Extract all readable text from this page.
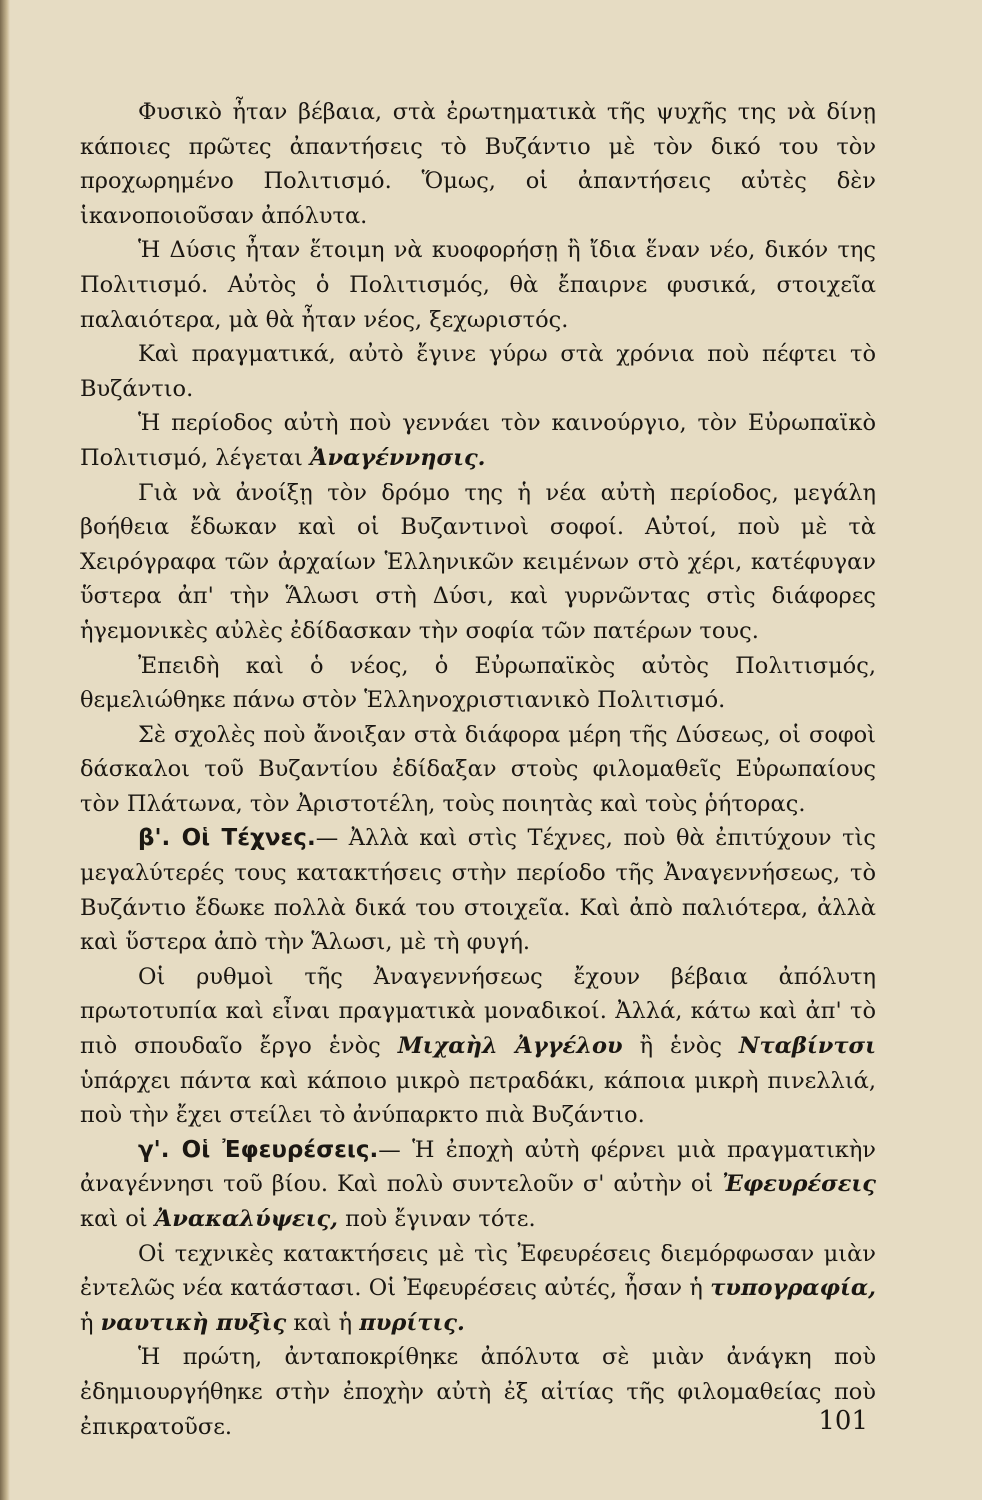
Φυσικὸ ἦταν βέβαια, στὰ ἐρωτηματικὰ τῆς ψυχῆς της νὰ δίνῃ κάποιες πρῶτες ἀπαντήσεις τὸ Βυζάντιο μὲ τὸν δικό του τὸν προχωρημένο Πολιτισμό. Ὅμως, οἱ ἀπαντήσεις αὐτὲς δὲν ἱκανοποιοῦσαν ἀπόλυτα.

Ἡ Δύσις ἦταν ἕτοιμη νὰ κυοφορήσῃ ἢ ἴδια ἕναν νέο, δικόν της Πολιτισμό. Αὐτὸς ὁ Πολιτισμός, θὰ ἔπαιρνε φυσικά, στοιχεῖα παλαιότερα, μὰ θὰ ἦταν νέος, ξεχωριστός.

Καὶ πραγματικά, αὐτὸ ἔγινε γύρω στὰ χρόνια ποὺ πέφτει τὸ Βυζάντιο.

Ἡ περίοδος αὐτὴ ποὺ γεννάει τὸν καινούργιο, τὸν Εὐρωπαϊκὸ Πολιτισμό, λέγεται Ἀναγέννησις.

Γιὰ νὰ ἀνοίξῃ τὸν δρόμο της ἡ νέα αὐτὴ περίοδος, μεγάλη βοήθεια ἔδωκαν καὶ οἱ Βυζαντινοὶ σοφοί. Αὐτοί, ποὺ μὲ τὰ Χειρόγραφα τῶν ἀρχαίων Ἑλληνικῶν κειμένων στὸ χέρι, κατέφυγαν ὕστερα ἀπ' τὴν Ἅλωσι στὴ Δύσι, καὶ γυρνῶντας στὶς διάφορες ἡγεμονικὲς αὐλὲς ἐδίδασκαν τὴν σοφία τῶν πατέρων τους.

Ἐπειδὴ καὶ ὁ νέος, ὁ Εὐρωπαϊκὸς αὐτὸς Πολιτισμός, θεμελιώθηκε πάνω στὸν Ἑλληνοχριστιανικὸ Πολιτισμό.

Σὲ σχολὲς ποὺ ἄνοιξαν στὰ διάφορα μέρη τῆς Δύσεως, οἱ σοφοὶ δάσκαλοι τοῦ Βυζαντίου ἐδίδαξαν στοὺς φιλομαθεῖς Εὐρωπαίους τὸν Πλάτωνα, τὸν Ἀριστοτέλη, τοὺς ποιητὰς καὶ τοὺς ῥήτορας.

β'. Οἱ Τέχνες.— Ἀλλὰ καὶ στὶς Τέχνες, ποὺ θὰ ἐπιτύχουν τὶς μεγαλύτερές τους κατακτήσεις στὴν περίοδο τῆς Ἀναγεννήσεως, τὸ Βυζάντιο ἔδωκε πολλὰ δικά του στοιχεῖα. Καὶ ἀπὸ παλιότερα, ἀλλὰ καὶ ὕστερα ἀπὸ τὴν Ἅλωσι, μὲ τὴ φυγή.

Οἱ ρυθμοὶ τῆς Ἀναγεννήσεως ἔχουν βέβαια ἀπόλυτη πρωτοτυπία καὶ εἶναι πραγματικὰ μοναδικοί. Ἀλλά, κάτω καὶ ἀπ' τὸ πιὸ σπουδαῖο ἔργο ἑνὸς Μιχαὴλ Ἀγγέλου ἢ ἑνὸς Νταβίντσι ὑπάρχει πάντα καὶ κάποιο μικρὸ πετραδάκι, κάποια μικρὴ πινελλιά, ποὺ τὴν ἔχει στείλει τὸ ἀνύπαρκτο πιὰ Βυζάντιο.

γ'. Οἱ Ἐφευρέσεις.— Ἡ ἐποχὴ αὐτὴ φέρνει μιὰ πραγματικὴν ἀναγέννησι τοῦ βίου. Καὶ πολὺ συντελοῦν σ' αὐτὴν οἱ Ἐφευρέσεις καὶ οἱ Ἀνακαλύψεις, ποὺ ἔγιναν τότε.

Οἱ τεχνικὲς κατακτήσεις μὲ τὶς Ἐφευρέσεις διεμόρφωσαν μιὰν ἐντελῶς νέα κατάστασι. Οἱ Ἐφευρέσεις αὐτές, ἦσαν ἡ τυπογραφία, ἡ ναυτικὴ πυξὶς καὶ ἡ πυρίτις.

Ἡ πρώτη, ἀνταποκρίθηκε ἀπόλυτα σὲ μιὰν ἀνάγκη ποὺ ἐδημιουργήθηκε στὴν ἐποχὴν αὐτὴ ἐξ αἰτίας τῆς φιλομαθείας ποὺ ἐπικρατοῦσε.	101
